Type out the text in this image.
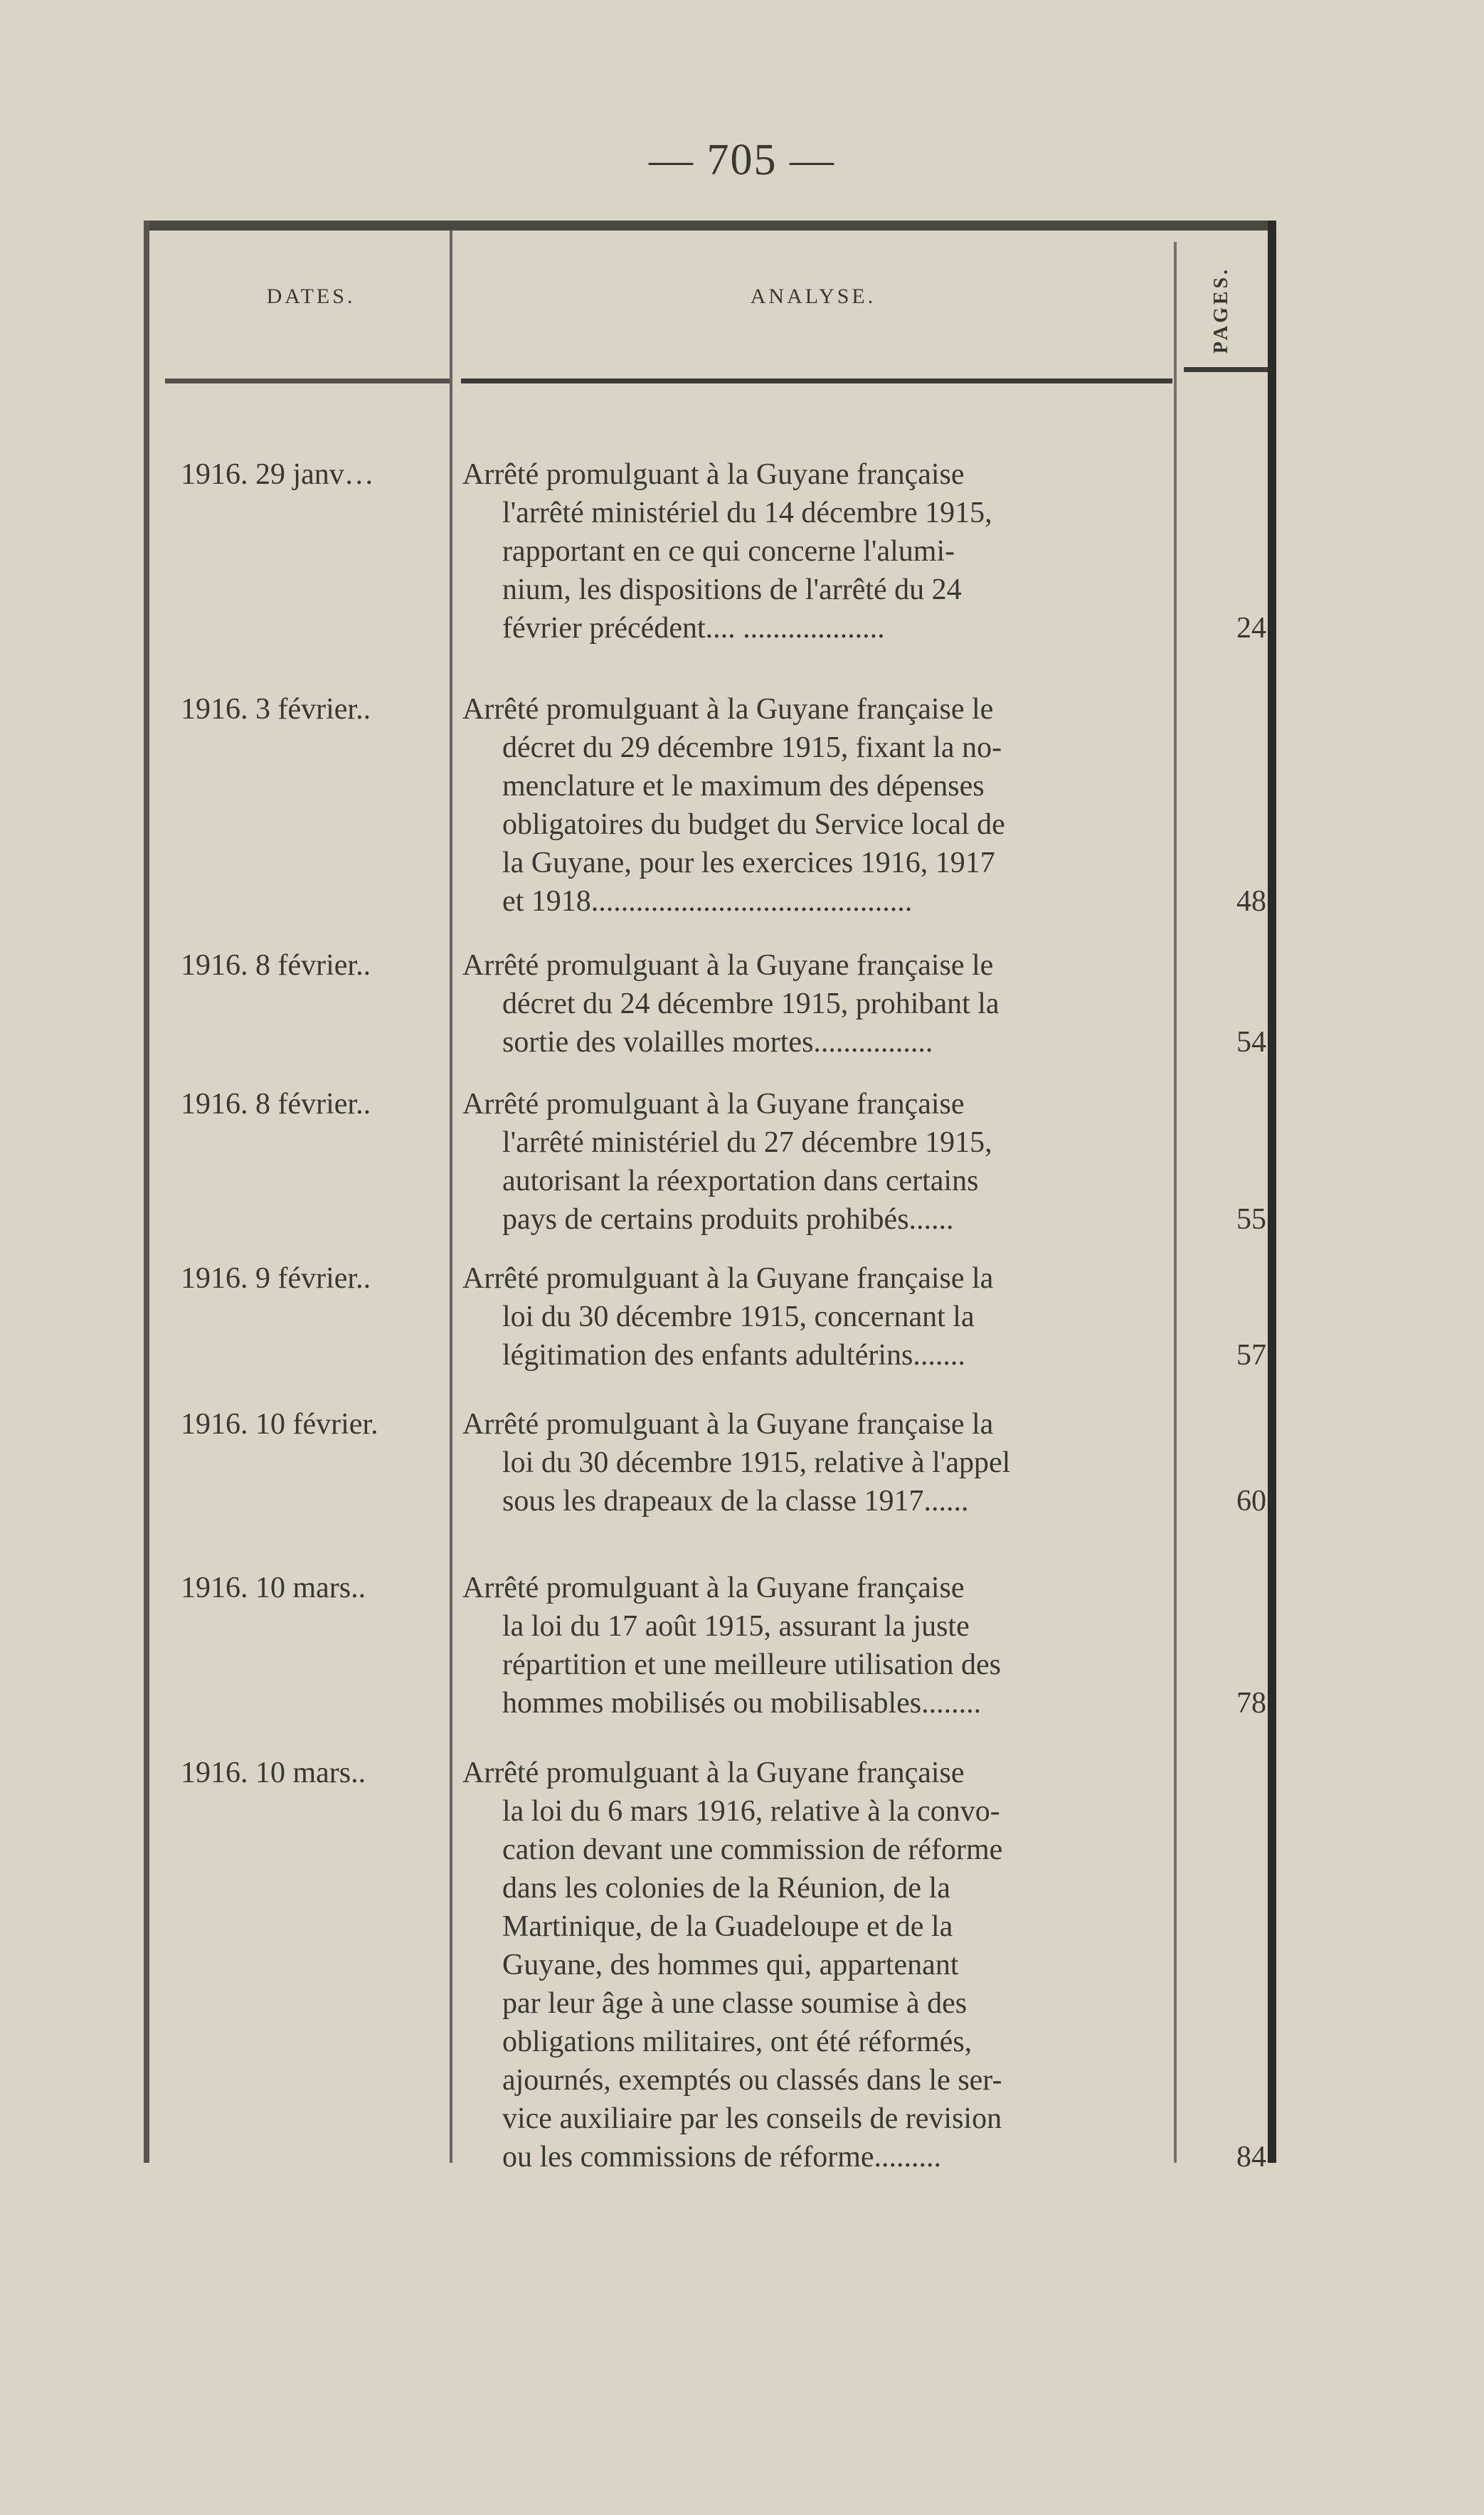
— 705 —
DATES.	ANALYSE.	PAGES.
1916. 29 janv…	Arrêté promulguant à la Guyane française
l'arrêté ministériel du 14 décembre 1915,
rapportant en ce qui concerne l'alumi-
nium, les dispositions de l'arrêté du 24
février précédent.... ...................	24
1916. 3 février..	Arrêté promulguant à la Guyane française le
décret du 29 décembre 1915, fixant la no-
menclature et le maximum des dépenses
obligatoires du budget du Service local de
la Guyane, pour les exercices 1916, 1917
et 1918...........................................	48
1916. 8 février..	Arrêté promulguant à la Guyane française le
décret du 24 décembre 1915, prohibant la
sortie des volailles mortes................	54
1916. 8 février..	Arrêté promulguant à la Guyane française
l'arrêté ministériel du 27 décembre 1915,
autorisant la réexportation dans certains
pays de certains produits prohibés......	55
1916. 9 février..	Arrêté promulguant à la Guyane française la
loi du 30 décembre 1915, concernant la
légitimation des enfants adultérins.......	57
1916. 10 février.	Arrêté promulguant à la Guyane française la
loi du 30 décembre 1915, relative à l'appel
sous les drapeaux de la classe 1917......	60
1916. 10 mars..	Arrêté promulguant à la Guyane française
la loi du 17 août 1915, assurant la juste
répartition et une meilleure utilisation des
hommes mobilisés ou mobilisables........	78
1916. 10 mars..	Arrêté promulguant à la Guyane française
la loi du 6 mars 1916, relative à la convo-
cation devant une commission de réforme
dans les colonies de la Réunion, de la
Martinique, de la Guadeloupe et de la
Guyane, des hommes qui, appartenant
par leur âge à une classe soumise à des
obligations militaires, ont été réformés,
ajournés, exemptés ou classés dans le ser-
vice auxiliaire par les conseils de revision
ou les commissions de réforme.........	84
